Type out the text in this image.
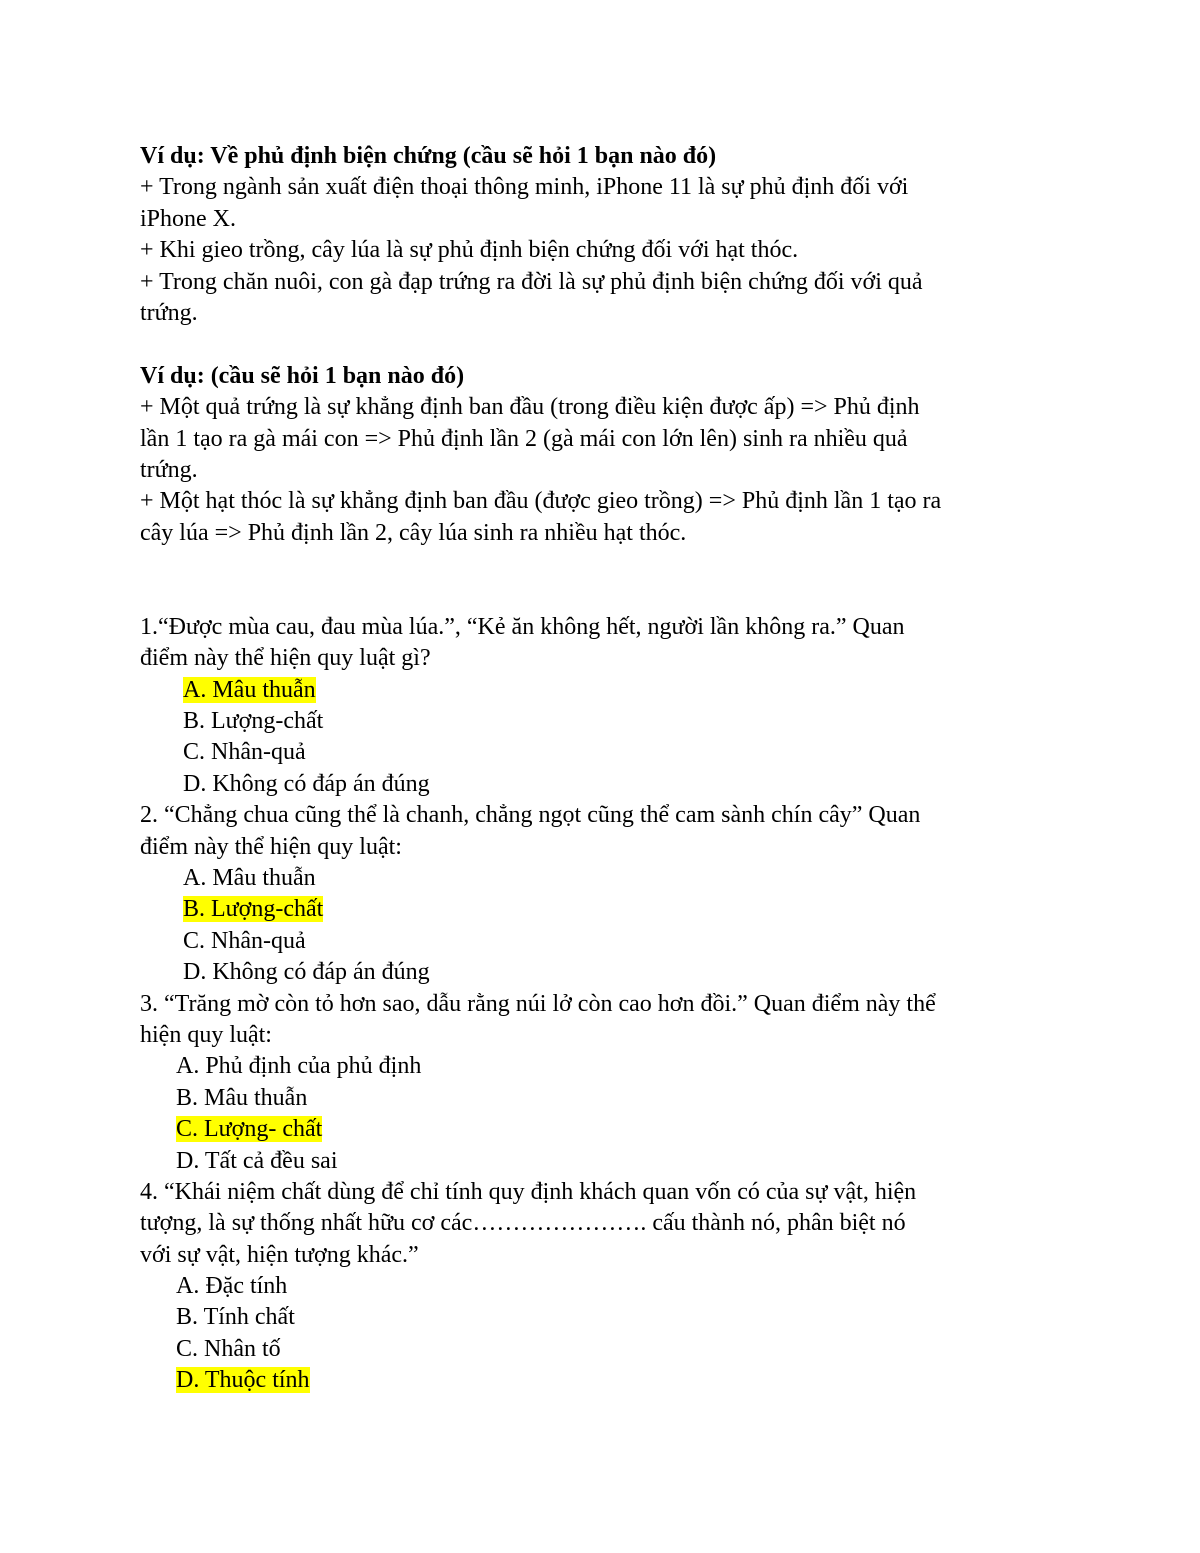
Ví dụ: Về phủ định biện chứng (cầu sẽ hỏi 1 bạn nào đó)
+ Trong ngành sản xuất điện thoại thông minh, iPhone 11 là sự phủ định đối với
iPhone X.
+ Khi gieo trồng, cây lúa là sự phủ định biện chứng đối với hạt thóc.
+ Trong chăn nuôi, con gà đạp trứng ra đời là sự phủ định biện chứng đối với quả
trứng.
Ví dụ: (cầu sẽ hỏi 1 bạn nào đó)
+ Một quả trứng là sự khẳng định ban đầu (trong điều kiện được ấp) => Phủ định
lần 1 tạo ra gà mái con => Phủ định lần 2 (gà mái con lớn lên) sinh ra nhiều quả
trứng.
+ Một hạt thóc là sự khẳng định ban đầu (được gieo trồng) => Phủ định lần 1 tạo ra
cây lúa => Phủ định lần 2, cây lúa sinh ra nhiều hạt thóc.
1.“Được mùa cau, đau mùa lúa.”, “Kẻ ăn không hết, người lần không ra.” Quan
điểm này thể hiện quy luật gì?
A. Mâu thuẫn
B. Lượng-chất
C. Nhân-quả
D. Không có đáp án đúng
2. “Chẳng chua cũng thể là chanh, chẳng ngọt cũng thể cam sành chín cây” Quan
điểm này thể hiện quy luật:
A. Mâu thuẫn
B. Lượng-chất
C. Nhân-quả
D. Không có đáp án đúng
3. “Trăng mờ còn tỏ hơn sao, dẫu rằng núi lở còn cao hơn đồi.” Quan điểm này thể
hiện quy luật:
A. Phủ định của phủ định
B. Mâu thuẫn
C. Lượng- chất
D. Tất cả đều sai
4. “Khái niệm chất dùng để chỉ tính quy định khách quan vốn có của sự vật, hiện
tượng, là sự thống nhất hữu cơ các…………………. cấu thành nó, phân biệt nó
với sự vật, hiện tượng khác.”
A. Đặc tính
B. Tính chất
C. Nhân tố
D. Thuộc tính
